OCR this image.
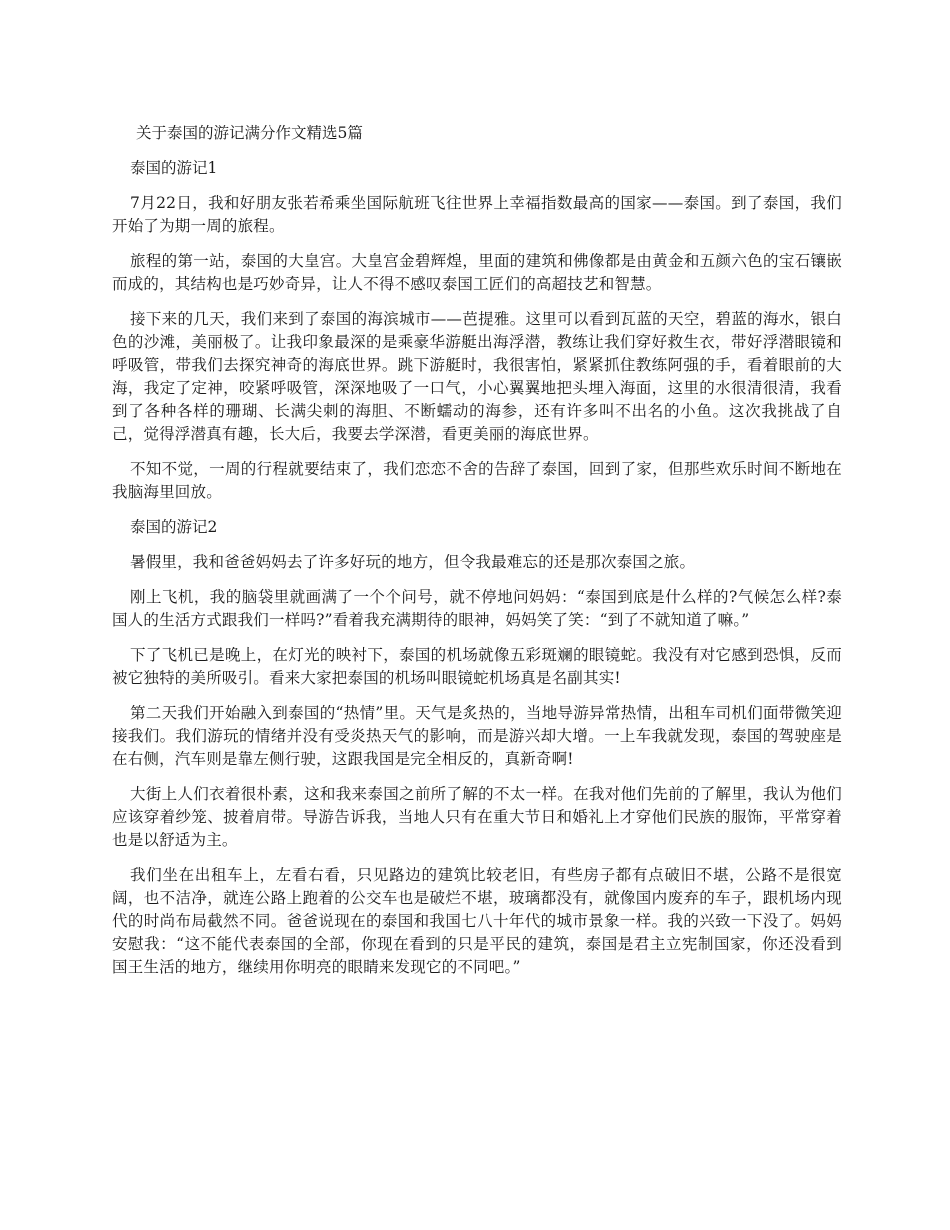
关于泰国的游记满分作文精选5篇
泰国的游记1

7月22日，我和好朋友张若希乘坐国际航班飞往世界上幸福指数最高的国家——泰国。到了泰国，我们开始了为期一周的旅程。

旅程的第一站，泰国的大皇宫。大皇宫金碧辉煌，里面的建筑和佛像都是由黄金和五颜六色的宝石镶嵌而成的，其结构也是巧妙奇异，让人不得不感叹泰国工匠们的高超技艺和智慧。

接下来的几天，我们来到了泰国的海滨城市——芭提雅。这里可以看到瓦蓝的天空，碧蓝的海水，银白色的沙滩，美丽极了。让我印象最深的是乘豪华游艇出海浮潜，教练让我们穿好救生衣，带好浮潜眼镜和呼吸管，带我们去探究神奇的海底世界。跳下游艇时，我很害怕，紧紧抓住教练阿强的手，看着眼前的大海，我定了定神，咬紧呼吸管，深深地吸了一口气，小心翼翼地把头埋入海面，这里的水很清很清，我看到了各种各样的珊瑚、长满尖刺的海胆、不断蠕动的海参，还有许多叫不出名的小鱼。这次我挑战了自己，觉得浮潜真有趣，长大后，我要去学深潜，看更美丽的海底世界。

不知不觉，一周的行程就要结束了，我们恋恋不舍的告辞了泰国，回到了家，但那些欢乐时间不断地在我脑海里回放。

泰国的游记2

暑假里，我和爸爸妈妈去了许多好玩的地方，但令我最难忘的还是那次泰国之旅。

刚上飞机，我的脑袋里就画满了一个个问号，就不停地问妈妈：“泰国到底是什么样的?气候怎么样?泰国人的生活方式跟我们一样吗?”看着我充满期待的眼神，妈妈笑了笑：“到了不就知道了嘛。”

下了飞机已是晚上，在灯光的映衬下，泰国的机场就像五彩斑斓的眼镜蛇。我没有对它感到恐惧，反而被它独特的美所吸引。看来大家把泰国的机场叫眼镜蛇机场真是名副其实!

第二天我们开始融入到泰国的“热情”里。天气是炙热的，当地导游异常热情，出租车司机们面带微笑迎接我们。我们游玩的情绪并没有受炎热天气的影响，而是游兴却大增。一上车我就发现，泰国的驾驶座是在右侧，汽车则是靠左侧行驶，这跟我国是完全相反的，真新奇啊!

大街上人们衣着很朴素，这和我来泰国之前所了解的不太一样。在我对他们先前的了解里，我认为他们应该穿着纱笼、披着肩带。导游告诉我，当地人只有在重大节日和婚礼上才穿他们民族的服饰，平常穿着也是以舒适为主。

我们坐在出租车上，左看右看，只见路边的建筑比较老旧，有些房子都有点破旧不堪，公路不是很宽阔，也不洁净，就连公路上跑着的公交车也是破烂不堪，玻璃都没有，就像国内废弃的车子，跟机场内现代的时尚布局截然不同。爸爸说现在的泰国和我国七八十年代的城市景象一样。我的兴致一下没了。妈妈安慰我：“这不能代表泰国的全部，你现在看到的只是平民的建筑，泰国是君主立宪制国家，你还没看到国王生活的地方，继续用你明亮的眼睛来发现它的不同吧。”
